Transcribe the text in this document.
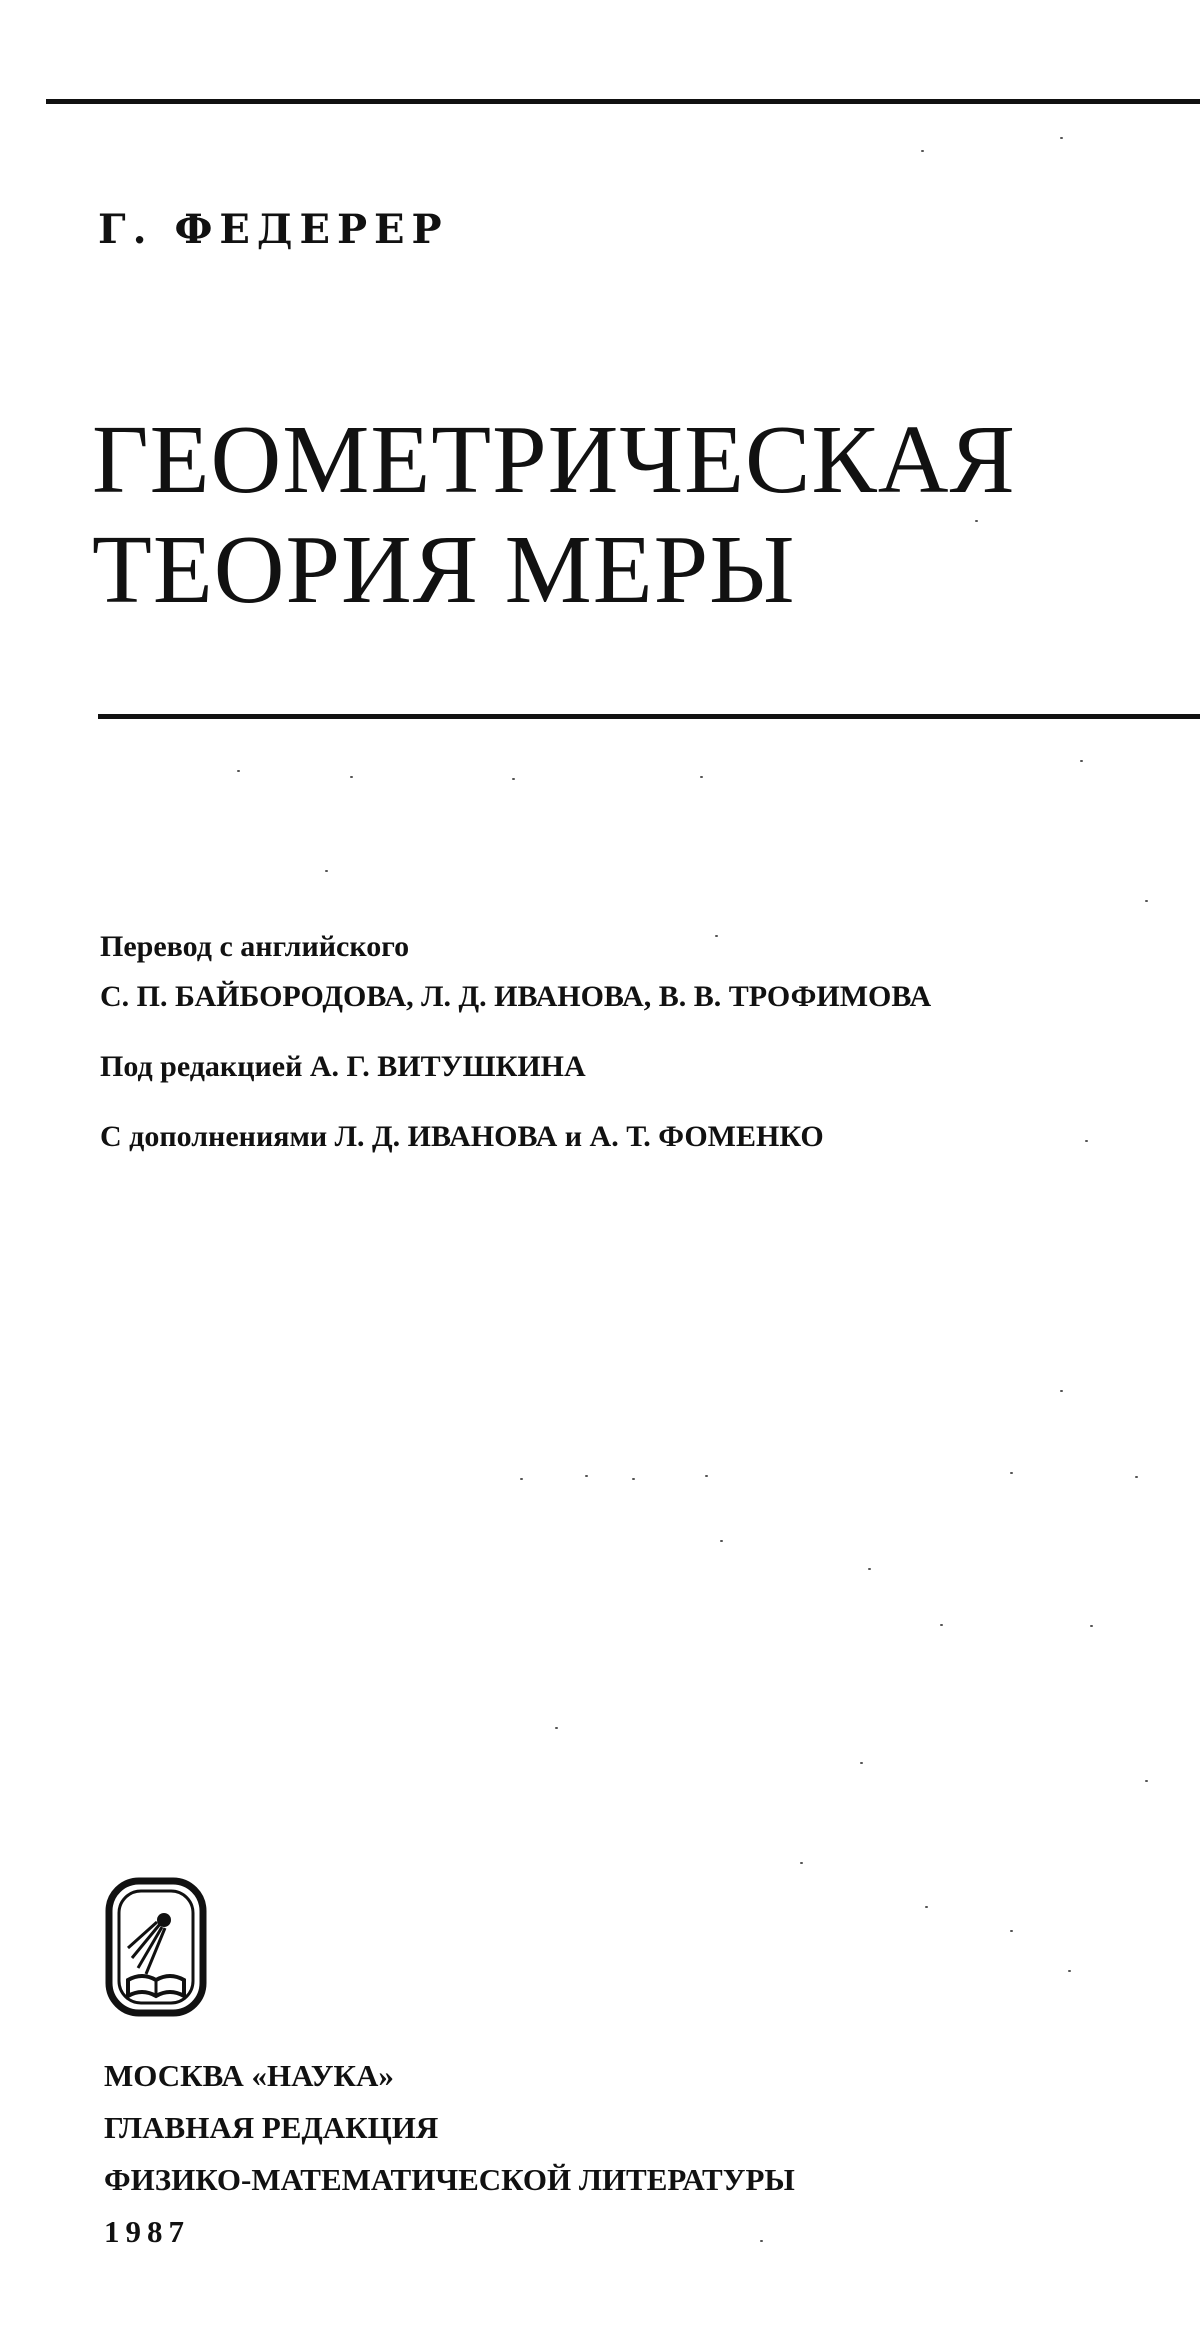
Г. ФЕДЕРЕР
ГЕОМЕТРИЧЕСКАЯ
ТЕОРИЯ МЕРЫ
Перевод с английского
С. П. БАЙБОРОДОВА, Л. Д. ИВАНОВА, В. В. ТРОФИМОВА
Под редакцией А. Г. ВИТУШКИНА
С дополнениями Л. Д. ИВАНОВА и А. Т. ФОМЕНКО
МОСКВА «НАУКА»
ГЛАВНАЯ РЕДАКЦИЯ
ФИЗИКО-МАТЕМАТИЧЕСКОЙ ЛИТЕРАТУРЫ
1987
